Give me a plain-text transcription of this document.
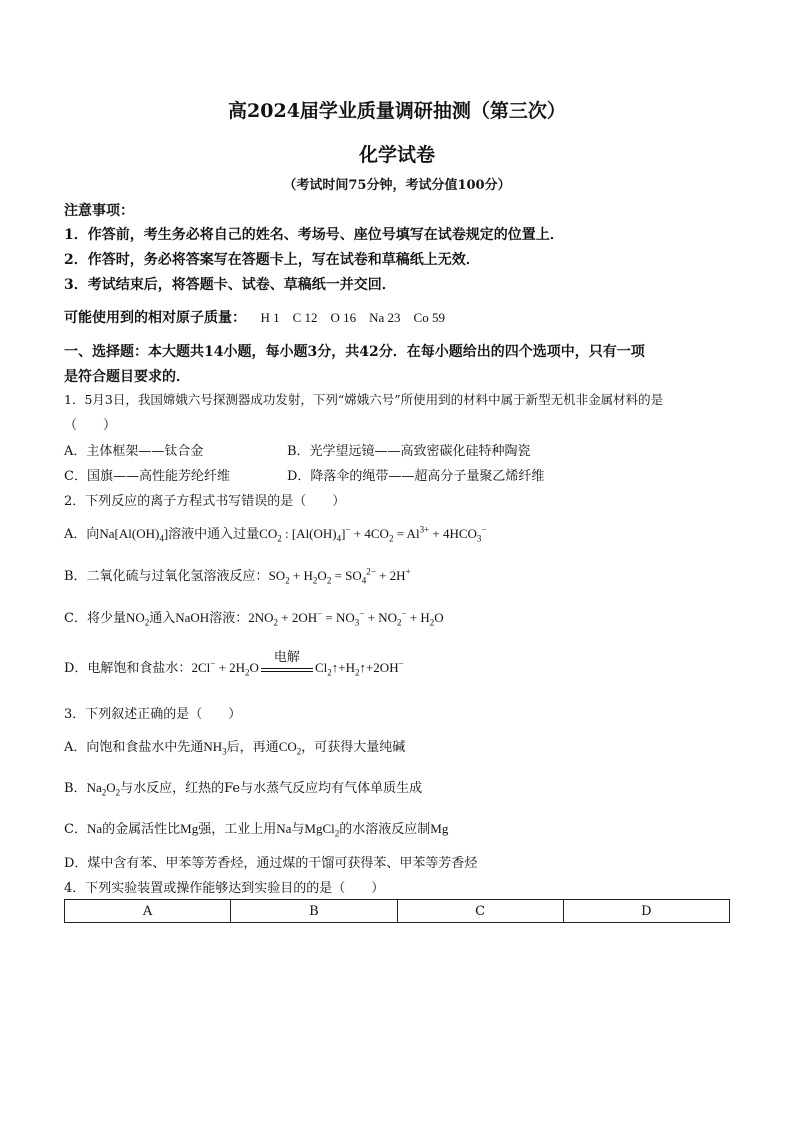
高2024届学业质量调研抽测（第三次）
化学试卷
（考试时间75分钟，考试分值100分）
注意事项：
1．作答前，考生务必将自己的姓名、考场号、座位号填写在试卷规定的位置上．
2．作答时，务必将答案写在答题卡上，写在试卷和草稿纸上无效．
3．考试结束后，将答题卡、试卷、草稿纸一并交回．
可能使用到的相对原子质量： H 1　C 12　O 16　Na 23　Co 59
一、选择题：本大题共14小题，每小题3分，共42分．在每小题给出的四个选项中，只有一项
是符合题目要求的．
1．5月3日，我国嫦娥六号探测器成功发射，下列“嫦娥六号”所使用到的材料中属于新型无机非金属材料的是
（　　）
A．主体框架——钛合金	B．光学望远镜——高致密碳化硅特种陶瓷
C．国旗——高性能芳纶纤维	D．降落伞的绳带——超高分子量聚乙烯纤维
2．下列反应的离子方程式书写错误的是（　　）
A．向$Na[Al(OH)_4]$溶液中通入过量$CO_2$ : $[Al(OH)_4]^- + 4CO_2 = Al^{3+} + 4HCO_3^-$
B．二氧化硫与过氧化氢溶液反应：$SO_2 + H_2O_2 = SO_4^{2-} + 2H^+$
C．将少量$NO_2$通入NaOH溶液：$2NO_2 + 2OH^- = NO_3^- + NO_2^- + H_2O$
D．电解饱和食盐水：$2Cl^- + 2H_2O$
电解
$Cl_2↑+H_2↑+2OH^-$
3．下列叙述正确的是（　　）
A．向饱和食盐水中先通$NH_3$后，再通$CO_2$，可获得大量纯碱
B．$Na_2O_2$与水反应，红热的Fe与水蒸气反应均有气体单质生成
C．Na的金属活性比Mg强，工业上用Na与MgCl$_2$的水溶液反应制Mg
D．煤中含有苯、甲苯等芳香烃，通过煤的干馏可获得苯、甲苯等芳香烃
4．下列实验装置或操作能够达到实验目的的是（　　）
A	B	C	D
